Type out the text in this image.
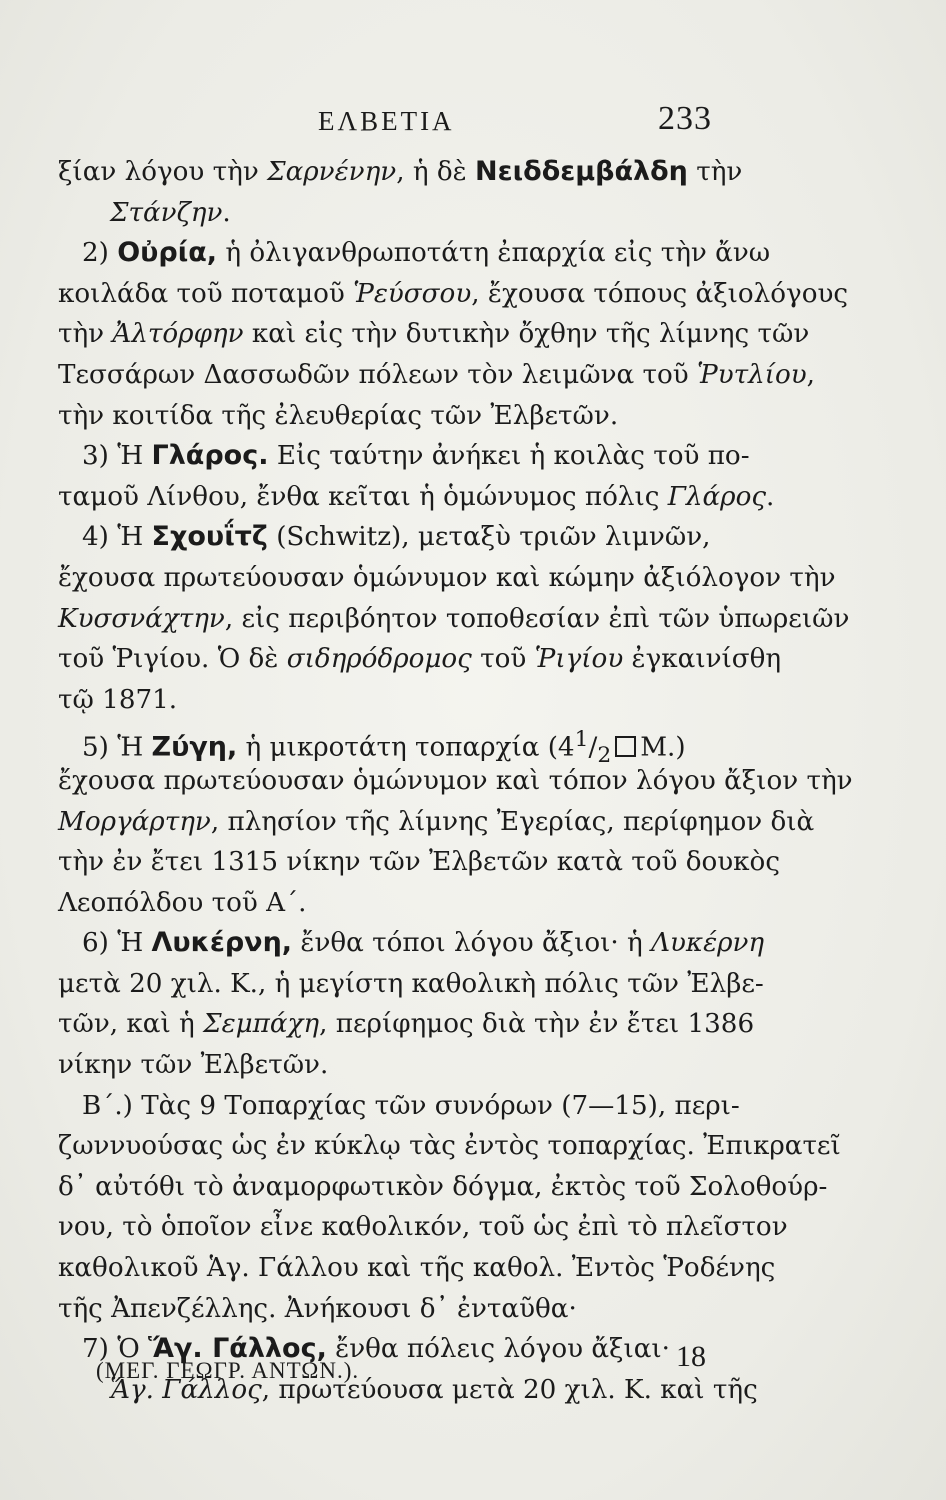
ΕΛΒΕΤΙΑ	233
ξίαν λόγου τὴν Σαρνένην, ἡ δὲ Νειδδεμβάλδη τὴν
Στάνζην.
2) Οὐρία, ἡ ὀλιγανθρωποτάτη ἐπαρχία εἰς τὴν ἄνω
κοιλάδα τοῦ ποταμοῦ Ῥεύσσου, ἔχουσα τόπους ἀξιολόγους
τὴν Ἀλτόρφην καὶ εἰς τὴν δυτικὴν ὄχθην τῆς λίμνης τῶν
Τεσσάρων Δασσωδῶν πόλεων τὸν λειμῶνα τοῦ Ῥυτλίου,
τὴν κοιτίδα τῆς ἐλευθερίας τῶν Ἐλβετῶν.
3) Ἡ Γλάρος. Εἰς ταύτην ἀνήκει ἡ κοιλὰς τοῦ πο-
ταμοῦ Λίνθου, ἔνθα κεῖται ἡ ὁμώνυμος πόλις Γλάρος.
4) Ἡ Σχουΐτζ (Schwitz), μεταξὺ τριῶν λιμνῶν,
ἔχουσα πρωτεύουσαν ὁμώνυμον καὶ κώμην ἀξιόλογον τὴν
Κυσσνάχτην, εἰς περιβόητον τοποθεσίαν ἐπὶ τῶν ὑπωρειῶν
τοῦ Ῥιγίου. Ὁ δὲ σιδηρόδρομος τοῦ Ῥιγίου ἐγκαινίσθη
τῷ 1871.
5) Ἡ Ζύγη, ἡ μικροτάτη τοπαρχία ($4^1/_2$ Μ.)
ἔχουσα πρωτεύουσαν ὁμώνυμον καὶ τόπον λόγου ἄξιον τὴν
Μοργάρτην, πλησίον τῆς λίμνης Ἐγερίας, περίφημον διὰ
τὴν ἐν ἔτει 1315 νίκην τῶν Ἐλβετῶν κατὰ τοῦ δουκὸς
Λεοπόλδου τοῦ Α΄.
6) Ἡ Λυκέρνη, ἔνθα τόποι λόγου ἄξιοι· ἡ Λυκέρνη
μετὰ 20 χιλ. Κ., ἡ μεγίστη καθολικὴ πόλις τῶν Ἐλβε-
τῶν, καὶ ἡ Σεμπάχη, περίφημος διὰ τὴν ἐν ἔτει 1386
νίκην τῶν Ἐλβετῶν.
Β΄.) Τὰς 9 Τοπαρχίας τῶν συνόρων (7—15), περι-
ζωννυούσας ὡς ἐν κύκλῳ τὰς ἐντὸς τοπαρχίας. Ἐπικρατεῖ
δ᾽ αὐτόθι τὸ ἀναμορφωτικὸν δόγμα, ἐκτὸς τοῦ Σολοθούρ-
νου, τὸ ὁποῖον εἶνε καθολικόν, τοῦ ὡς ἐπὶ τὸ πλεῖστον
καθολικοῦ Ἁγ. Γάλλου καὶ τῆς καθολ. Ἐντὸς Ῥοδένης
τῆς Ἀπενζέλλης. Ἀνήκουσι δ᾽ ἐνταῦθα·
7) Ὁ Ἅγ. Γάλλος, ἔνθα πόλεις λόγου ἄξιαι·
Ἅγ. Γάλλος, πρωτεύουσα μετὰ 20 χιλ. Κ. καὶ τῆς
(ΜΕΓ. ΓΕΩΓΡ. ΑΝΤΩΝ.).	18
